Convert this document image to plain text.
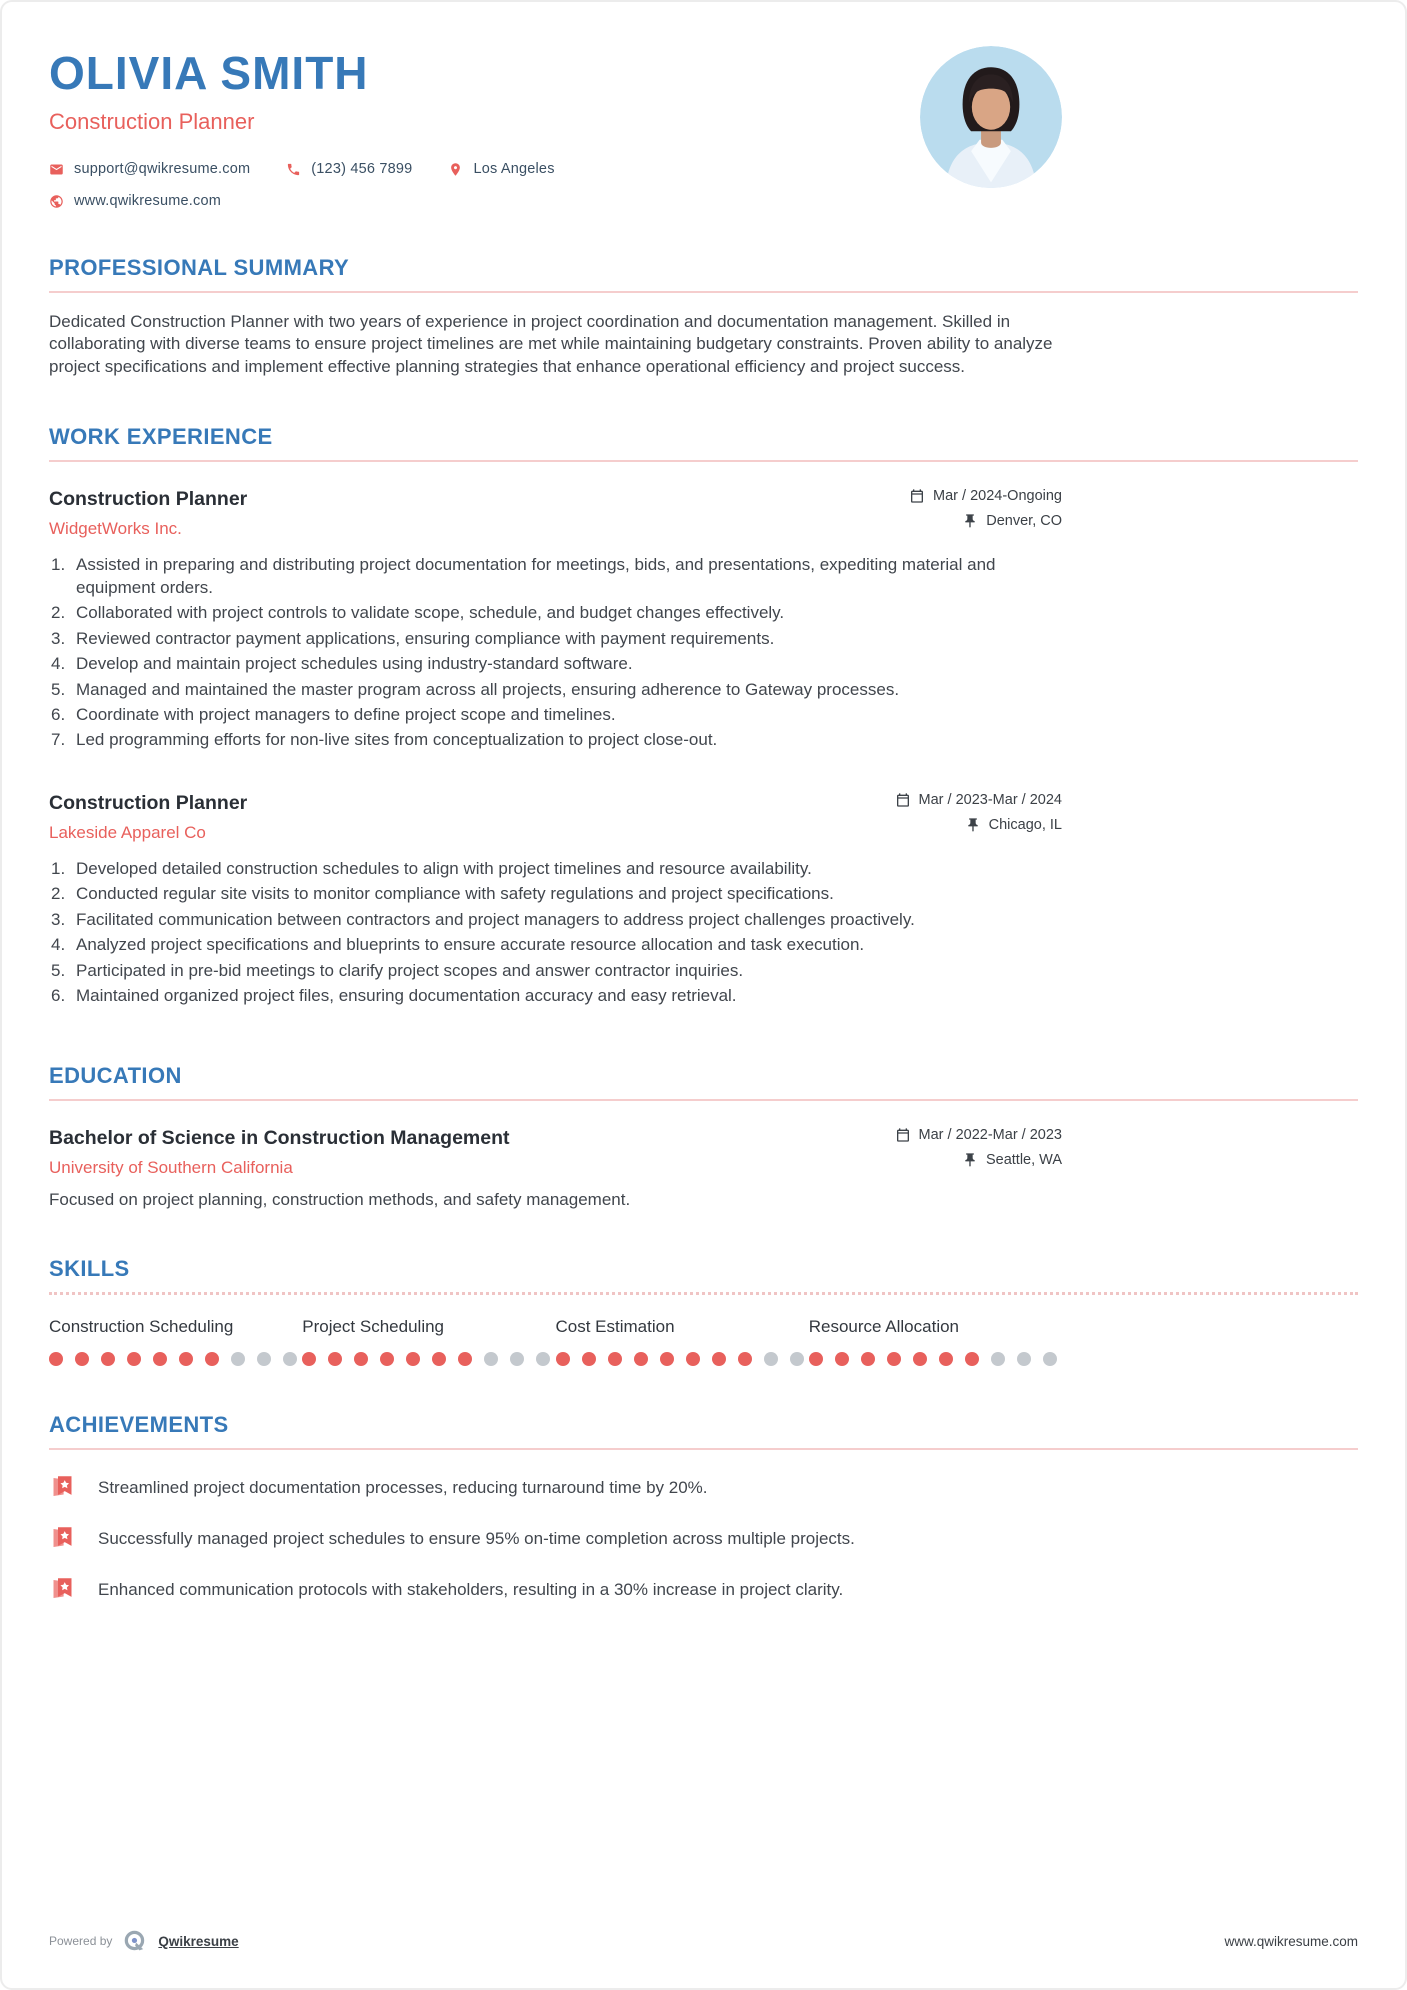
OLIVIA SMITH
Construction Planner
support@qwikresume.com	(123) 456 7899	Los Angeles
www.qwikresume.com
PROFESSIONAL SUMMARY

Dedicated Construction Planner with two years of experience in project coordination and documentation management. Skilled in collaborating with diverse teams to ensure project timelines are met while maintaining budgetary constraints. Proven ability to analyze project specifications and implement effective planning strategies that enhance operational efficiency and project success.

WORK EXPERIENCE
Construction Planner
WidgetWorks Inc.
Mar / 2024-Ongoing
Denver, CO
Assisted in preparing and distributing project documentation for meetings, bids, and presentations, expediting material and equipment orders.
Collaborated with project controls to validate scope, schedule, and budget changes effectively.
Reviewed contractor payment applications, ensuring compliance with payment requirements.
Develop and maintain project schedules using industry-standard software.
Managed and maintained the master program across all projects, ensuring adherence to Gateway processes.
Coordinate with project managers to define project scope and timelines.
Led programming efforts for non-live sites from conceptualization to project close-out.
Construction Planner
Lakeside Apparel Co
Mar / 2023-Mar / 2024
Chicago, IL
Developed detailed construction schedules to align with project timelines and resource availability.
Conducted regular site visits to monitor compliance with safety regulations and project specifications.
Facilitated communication between contractors and project managers to address project challenges proactively.
Analyzed project specifications and blueprints to ensure accurate resource allocation and task execution.
Participated in pre-bid meetings to clarify project scopes and answer contractor inquiries.
Maintained organized project files, ensuring documentation accuracy and easy retrieval.
EDUCATION
Bachelor of Science in Construction Management
University of Southern California
Mar / 2022-Mar / 2023
Seattle, WA

Focused on project planning, construction methods, and safety management.

SKILLS
Construction Scheduling	Project Scheduling	Cost Estimation	Resource Allocation
ACHIEVEMENTS
Streamlined project documentation processes, reducing turnaround time by 20%.
Successfully managed project schedules to ensure 95% on-time completion across multiple projects.
Enhanced communication protocols with stakeholders, resulting in a 30% increase in project clarity.
Powered by	Qwikresume	www.qwikresume.com
